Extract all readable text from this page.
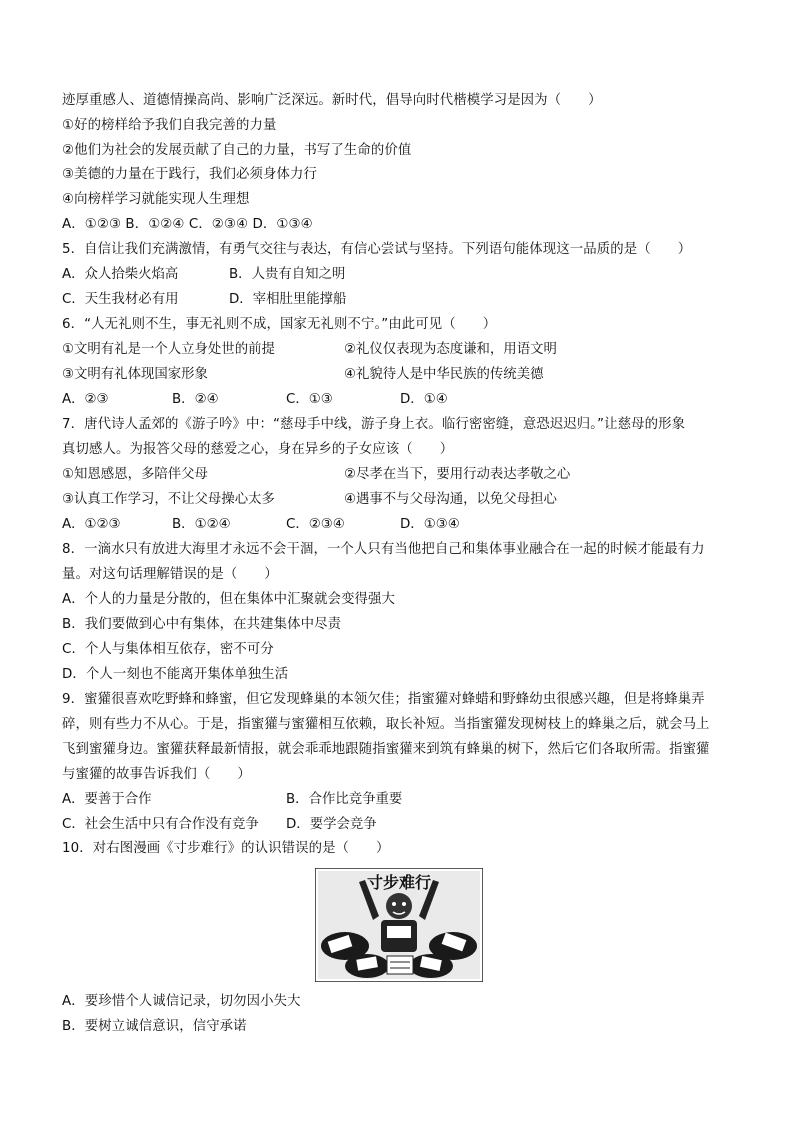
迹厚重感人、道德情操高尚、影响广泛深远。新时代，倡导向时代楷模学习是因为（　　）
①好的榜样给予我们自我完善的力量
②他们为社会的发展贡献了自己的力量，书写了生命的价值
③美德的力量在于践行，我们必须身体力行
④向榜样学习就能实现人生理想
A．①②③ B．①②④ C．②③④ D．①③④
5．自信让我们充满激情，有勇气交往与表达，有信心尝试与坚持。下列语句能体现这一品质的是（　　）
A．众人拾柴火焰高	B．人贵有自知之明
C．天生我材必有用	D．宰相肚里能撑船
6．“人无礼则不生，事无礼则不成，国家无礼则不宁。”由此可见（　　）
①文明有礼是一个人立身处世的前提	②礼仪仅表现为态度谦和，用语文明
③文明有礼体现国家形象	④礼貌待人是中华民族的传统美德
A．②③	B．②④	C．①③	D．①④
7．唐代诗人孟郊的《游子吟》中：“慈母手中线，游子身上衣。临行密密缝，意恐迟迟归。”让慈母的形象
真切感人。为报答父母的慈爱之心，身在异乡的子女应该（　　）
①知恩感恩，多陪伴父母	②尽孝在当下，要用行动表达孝敬之心
③认真工作学习，不让父母操心太多	④遇事不与父母沟通，以免父母担心
A．①②③	B．①②④	C．②③④	D．①③④
8．一滴水只有放进大海里才永远不会干涸，一个人只有当他把自己和集体事业融合在一起的时候才能最有力
量。对这句话理解错误的是（　　）
A．个人的力量是分散的，但在集体中汇聚就会变得强大
B．我们要做到心中有集体，在共建集体中尽责
C．个人与集体相互依存，密不可分
D．个人一刻也不能离开集体单独生活
9．蜜獾很喜欢吃野蜂和蜂蜜，但它发现蜂巢的本领欠佳；指蜜獾对蜂蜡和野蜂幼虫很感兴趣，但是将蜂巢弄
碎，则有些力不从心。于是，指蜜獾与蜜獾相互依赖，取长补短。当指蜜獾发现树枝上的蜂巢之后，就会马上
飞到蜜獾身边。蜜獾获释最新情报，就会乖乖地跟随指蜜獾来到筑有蜂巢的树下，然后它们各取所需。指蜜獾
与蜜獾的故事告诉我们（　　）
A．要善于合作	B．合作比竞争重要
C．社会生活中只有合作没有竞争 D．要学会竞争
10．对右图漫画《寸步难行》的认识错误的是（　　）
寸步难行
A．要珍惜个人诚信记录，切勿因小失大
B．要树立诚信意识，信守承诺
